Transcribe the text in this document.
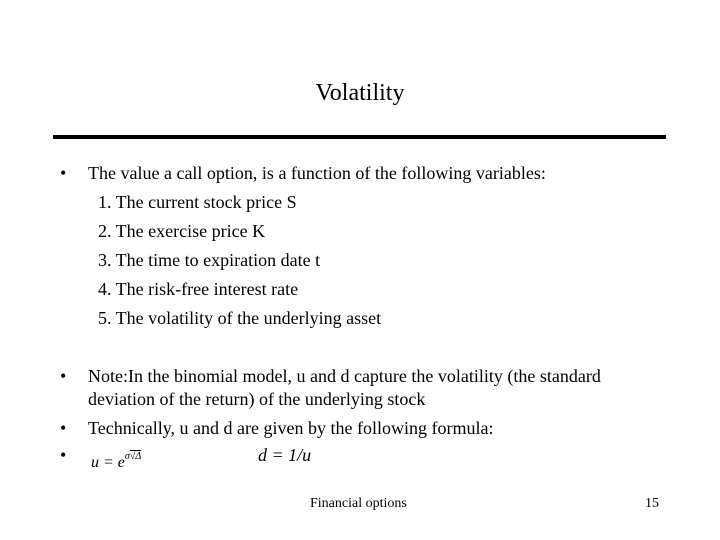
Volatility
• The value a call option, is a function of the following variables:
1. The current stock price S
2. The exercise price K
3. The time to expiration date t
4. The risk-free interest rate
5. The volatility of the underlying asset
• Note:In the binomial model, u and d capture the volatility (the standard
deviation of the return) of the underlying stock
• Technically, u and d are given by the following formula:
• $u = e^{\sigma√\Delta}$	d = 1/u
Financial options	15
